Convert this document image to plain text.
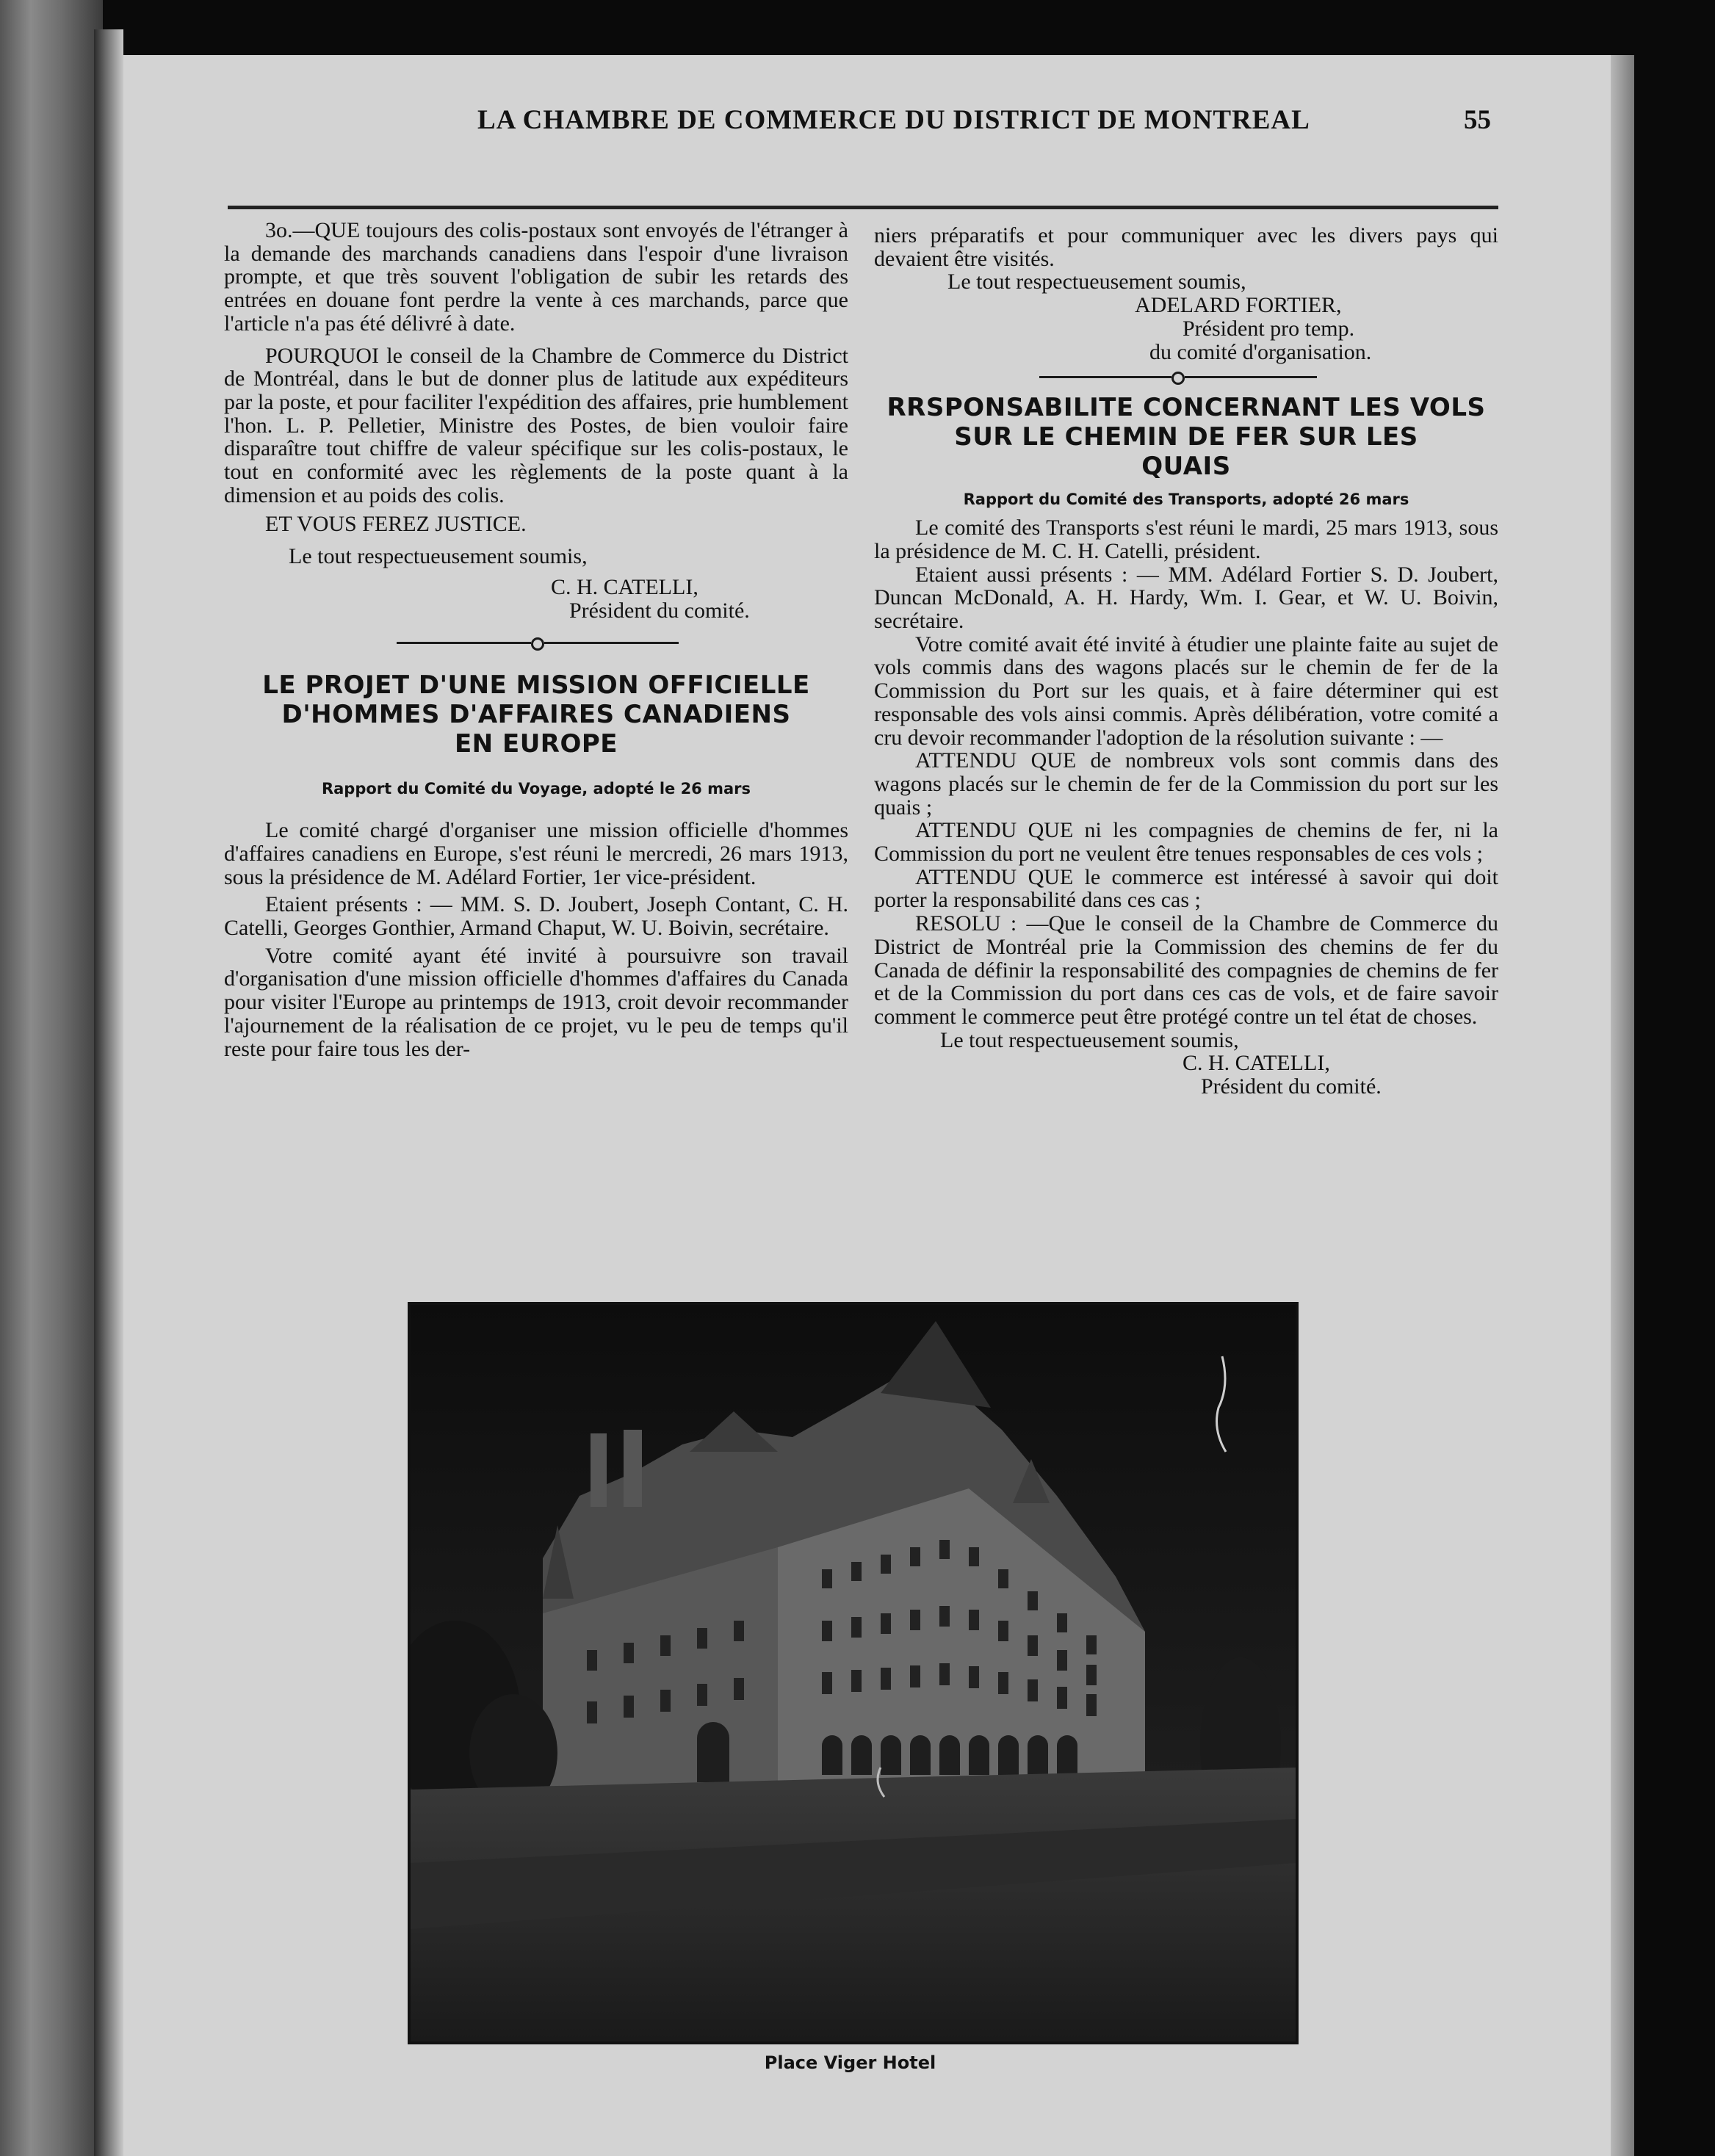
LA CHAMBRE DE COMMERCE DU DISTRICT DE MONTREAL	55

3o.—QUE toujours des colis-postaux sont envoyés de l'étranger à la demande des marchands canadiens dans l'espoir d'une livraison prompte, et que très souvent l'obligation de subir les retards des entrées en douane font perdre la vente à ces marchands, parce que l'article n'a pas été délivré à date.

POURQUOI le conseil de la Chambre de Commerce du District de Montréal, dans le but de donner plus de latitude aux expéditeurs par la poste, et pour faciliter l'expédition des affaires, prie humblement l'hon. L. P. Pelletier, Ministre des Postes, de bien vouloir faire disparaître tout chiffre de valeur spécifique sur les colis-postaux, le tout en conformité avec les règlements de la poste quant à la dimension et au poids des colis.

ET VOUS FEREZ JUSTICE.

Le tout respectueusement soumis,

C. H. CATELLI,

Président du comité.

LE PROJET D'UNE MISSION OFFICIELLE
D'HOMMES D'AFFAIRES CANADIENS
EN EUROPE
Rapport du Comité du Voyage, adopté le 26 mars

Le comité chargé d'organiser une mission officielle d'hommes d'affaires canadiens en Europe, s'est réuni le mercredi, 26 mars 1913, sous la présidence de M. Adélard Fortier, 1er vice-président.

Etaient présents : — MM. S. D. Joubert, Joseph Contant, C. H. Catelli, Georges Gonthier, Armand Chaput, W. U. Boivin, secrétaire.

Votre comité ayant été invité à poursuivre son travail d'organisation d'une mission officielle d'hommes d'affaires du Canada pour visiter l'Europe au printemps de 1913, croit devoir recommander l'ajournement de la réalisation de ce projet, vu le peu de temps qu'il reste pour faire tous les der-

niers préparatifs et pour communiquer avec les divers pays qui devaient être visités.

Le tout respectueusement soumis,

ADELARD FORTIER,

Président pro temp.

du comité d'organisation.

RRSPONSABILITE CONCERNANT LES VOLS
SUR LE CHEMIN DE FER SUR LES
QUAIS
Rapport du Comité des Transports, adopté 26 mars

Le comité des Transports s'est réuni le mardi, 25 mars 1913, sous la présidence de M. C. H. Catelli, président.

Etaient aussi présents : — MM. Adélard Fortier S. D. Joubert, Duncan McDonald, A. H. Hardy, Wm. I. Gear, et W. U. Boivin, secrétaire.

Votre comité avait été invité à étudier une plainte faite au sujet de vols commis dans des wagons placés sur le chemin de fer de la Commission du Port sur les quais, et à faire déterminer qui est responsable des vols ainsi commis. Après délibération, votre comité a cru devoir recommander l'adoption de la résolution suivante : —

ATTENDU QUE de nombreux vols sont commis dans des wagons placés sur le chemin de fer de la Commission du port sur les quais ;

ATTENDU QUE ni les compagnies de chemins de fer, ni la Commission du port ne veulent être tenues responsables de ces vols ;

ATTENDU QUE le commerce est intéressé à savoir qui doit porter la responsabilité dans ces cas ;

RESOLU : —Que le conseil de la Chambre de Commerce du District de Montréal prie la Commission des chemins de fer du Canada de définir la responsabilité des compagnies de chemins de fer et de la Commission du port dans ces cas de vols, et de faire savoir comment le commerce peut être protégé contre un tel état de choses.

Le tout respectueusement soumis,

C. H. CATELLI,

Président du comité.

Place Viger Hotel
